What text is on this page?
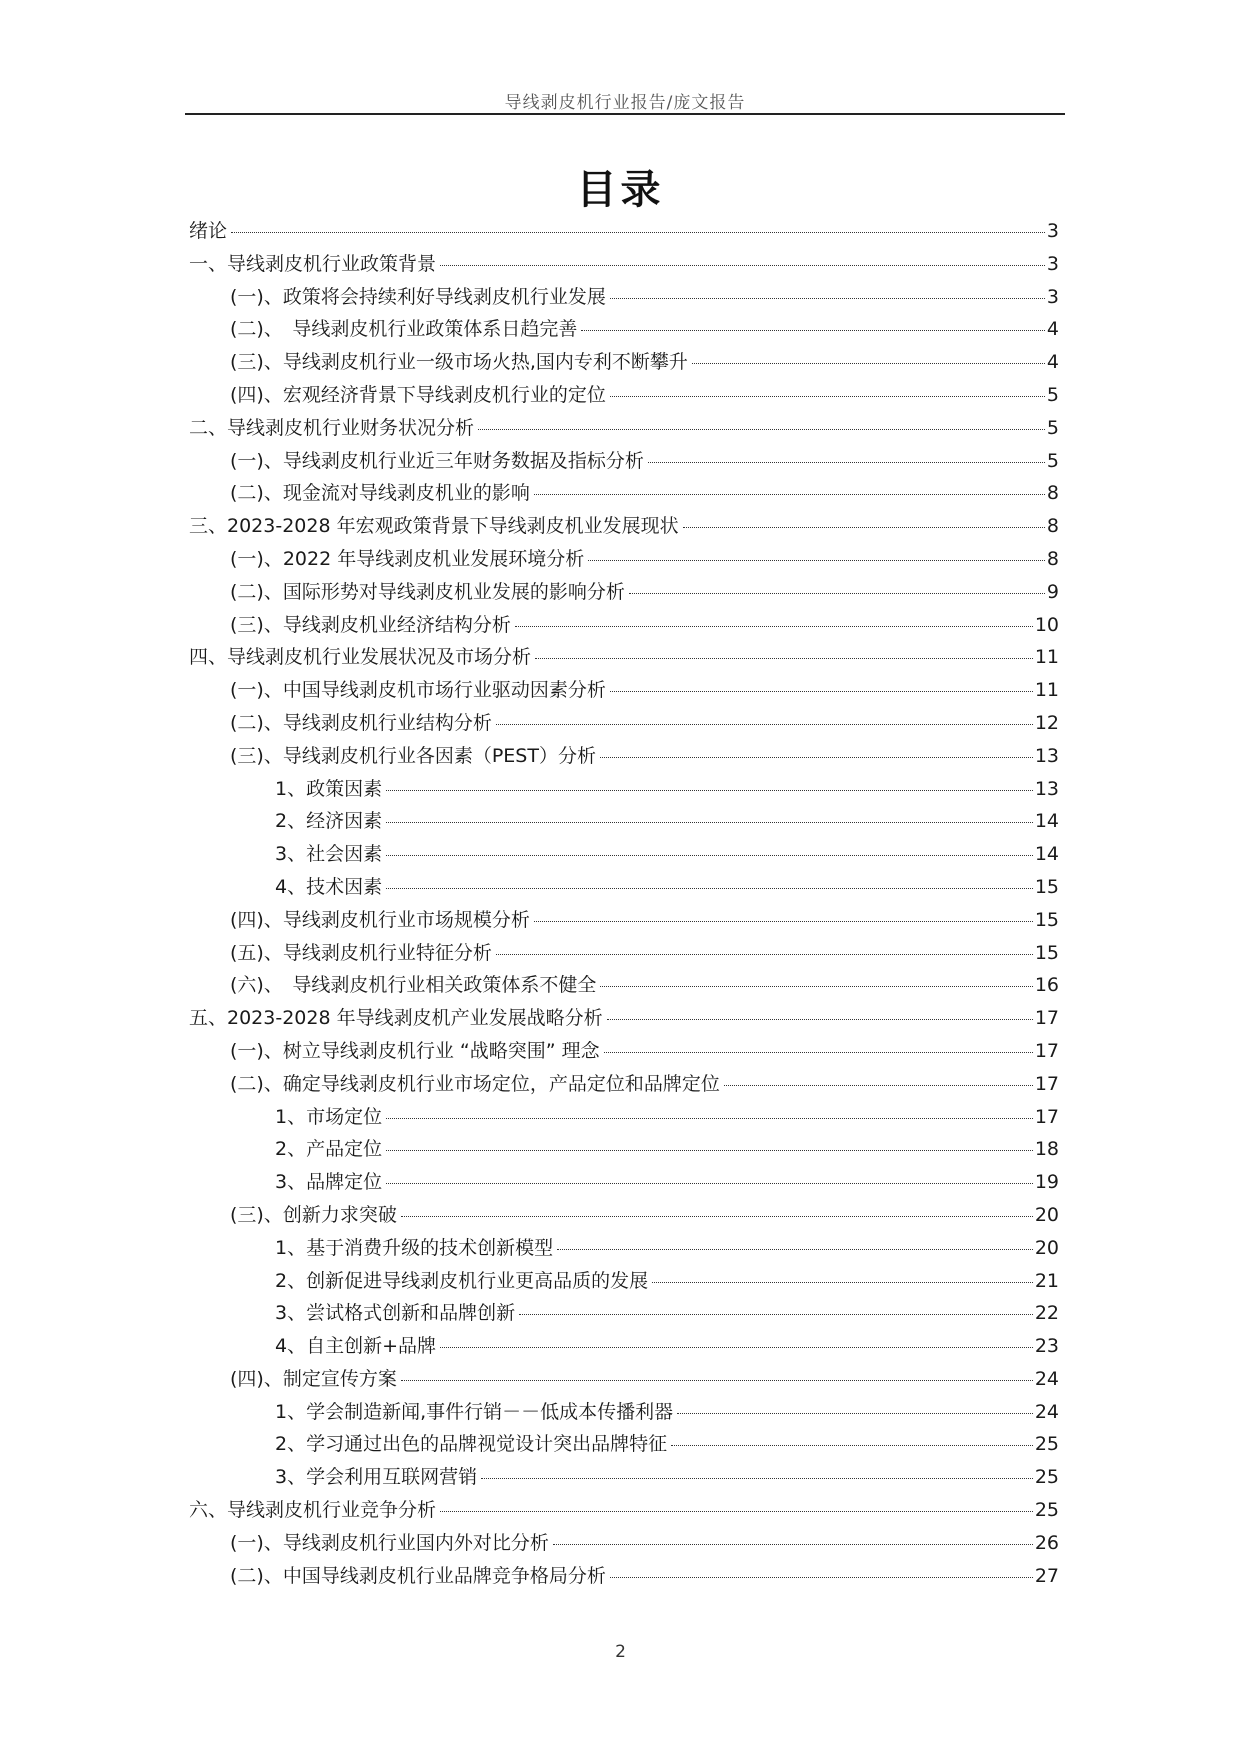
导线剥皮机行业报告/庞文报告
目录
绪论	3
一、导线剥皮机行业政策背景	3
(一)、政策将会持续利好导线剥皮机行业发展	3
(二)、　导线剥皮机行业政策体系日趋完善	4
(三)、导线剥皮机行业一级市场火热,国内专利不断攀升	4
(四)、宏观经济背景下导线剥皮机行业的定位	5
二、导线剥皮机行业财务状况分析	5
(一)、导线剥皮机行业近三年财务数据及指标分析	5
(二)、现金流对导线剥皮机业的影响	8
三、2023-2028 年宏观政策背景下导线剥皮机业发展现状	8
(一)、2022 年导线剥皮机业发展环境分析	8
(二)、国际形势对导线剥皮机业发展的影响分析	9
(三)、导线剥皮机业经济结构分析	10
四、导线剥皮机行业发展状况及市场分析	11
(一)、中国导线剥皮机市场行业驱动因素分析	11
(二)、导线剥皮机行业结构分析	12
(三)、导线剥皮机行业各因素（PEST）分析	13
1、政策因素	13
2、经济因素	14
3、社会因素	14
4、技术因素	15
(四)、导线剥皮机行业市场规模分析	15
(五)、导线剥皮机行业特征分析	15
(六)、　导线剥皮机行业相关政策体系不健全	16
五、2023-2028 年导线剥皮机产业发展战略分析	17
(一)、树立导线剥皮机行业 “战略突围” 理念	17
(二)、确定导线剥皮机行业市场定位，产品定位和品牌定位	17
1、市场定位	17
2、产品定位	18
3、品牌定位	19
(三)、创新力求突破	20
1、基于消费升级的技术创新模型	20
2、创新促进导线剥皮机行业更高品质的发展	21
3、尝试格式创新和品牌创新	22
4、自主创新+品牌	23
(四)、制定宣传方案	24
1、学会制造新闻,事件行销－－低成本传播利器	24
2、学习通过出色的品牌视觉设计突出品牌特征	25
3、学会利用互联网营销	25
六、导线剥皮机行业竞争分析	25
(一)、导线剥皮机行业国内外对比分析	26
(二)、中国导线剥皮机行业品牌竞争格局分析	27
2
